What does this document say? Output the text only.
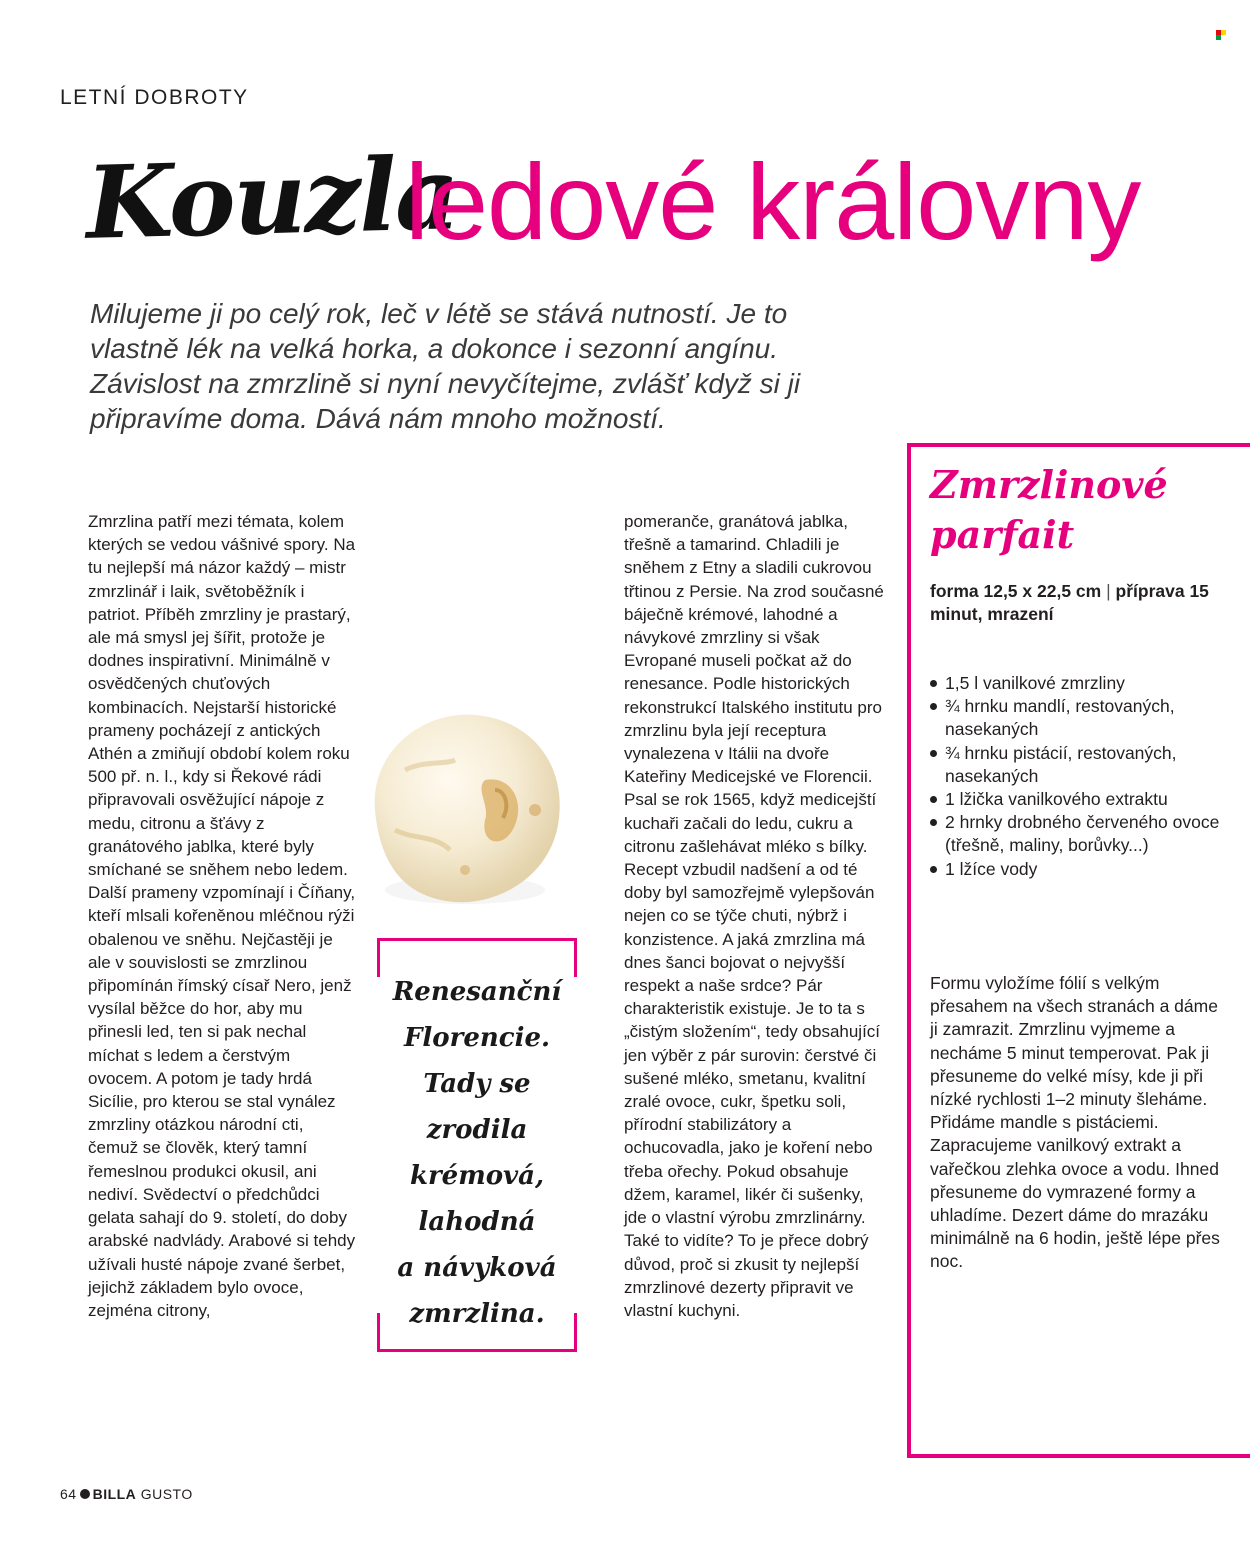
LETNÍ DOBROTY
Kouzla
ledové královny
Milujeme ji po celý rok, leč v létě se stává nutností. Je to vlastně lék na velká horka, a dokonce i sezonní angínu. Závislost na zmrzlině si nyní nevyčítejme, zvlášť když si ji připravíme doma. Dává nám mnoho možností.

Zmrzlina patří mezi témata, kolem kterých se vedou vášnivé spory. Na tu nejlepší má názor každý – mistr zmrzlinář i laik, světoběžník i patriot. Příběh zmrzliny je prastarý, ale má smysl jej šířit, protože je dodnes inspirativní. Minimálně v osvědčených chuťových kombinacích. Nejstarší historické prameny pocházejí z antických Athén a zmiňují období kolem roku 500 př. n. l., kdy si Řekové rádi připravovali osvěžující nápoje z medu, citronu a šťávy z granátového jablka, které byly smíchané se sněhem nebo ledem. Další prameny vzpomínají i Číňany, kteří mlsali kořeněnou mléčnou rýži obalenou ve sněhu. Nejčastěji je ale v souvislosti se zmrzlinou připomínán římský císař Nero, jenž vysílal běžce do hor, aby mu přinesli led, ten si pak nechal míchat s ledem a čerstvým ovocem. A potom je tady hrdá Sicílie, pro kterou se stal vynález zmrzliny otázkou národní cti, čemuž se člověk, který tamní řemeslnou produkci okusil, ani nediví. Svědectví o předchůdci gelata sahají do 9. století, do doby arabské nadvlády. Arabové si tehdy užívali husté nápoje zvané šerbet, jejichž základem bylo ovoce, zejména citrony,

Renesanční
Florencie.
Tady se
zrodila
krémová,
lahodná
a návyková
zmrzlina.

pomeranče, granátová jablka, třešně a tamarind. Chladili je sněhem z Etny a sladili cukrovou třtinou z Persie. Na zrod současné báječně krémové, lahodné a návykové zmrzliny si však Evropané museli počkat až do renesance. Podle historických rekonstrukcí Italského institutu pro zmrzlinu byla její receptura vynalezena v Itálii na dvoře Kateřiny Medicejské ve Florencii. Psal se rok 1565, když medicejští kuchaři začali do ledu, cukru a citronu zašlehávat mléko s bílky. Recept vzbudil nadšení a od té doby byl samozřejmě vylepšován nejen co se týče chuti, nýbrž i konzistence. A jaká zmrzlina má dnes šanci bojovat o nejvyšší respekt a naše srdce? Pár charakteristik existuje. Je to ta s „čistým složením“, tedy obsahující jen výběr z pár surovin: čerstvé či sušené mléko, smetanu, kvalitní zralé ovoce, cukr, špetku soli, přírodní stabilizátory a ochucovadla, jako je koření nebo třeba ořechy. Pokud obsahuje džem, karamel, likér či sušenky, jde o vlastní výrobu zmrzlinárny. Také to vidíte? To je přece dobrý důvod, proč si zkusit ty nejlepší zmrzlinové dezerty připravit ve vlastní kuchyni.

Zmrzlinové
parfait
forma 12,5 x 22,5 cm | příprava 15 minut, mrazení
1,5 l vanilkové zmrzliny
¾ hrnku mandlí, restovaných, nasekaných
¾ hrnku pistácií, restovaných, nasekaných
1 lžička vanilkového extraktu
2 hrnky drobného červeného ovoce (třešně, maliny, borůvky...)
1 lžíce vody
Formu vyložíme fólií s velkým přesahem na všech stranách a dáme ji zamrazit. Zmrzlinu vyjmeme a necháme 5 minut temperovat. Pak ji přesuneme do velké mísy, kde ji při nízké rychlosti 1–2 minuty šleháme. Přidáme mandle s pistáciemi. Zapracujeme vanilkový extrakt a vařečkou zlehka ovoce a vodu. Ihned přesuneme do vymrazené formy a uhladíme. Dezert dáme do mrazáku minimálně na 6 hodin, ještě lépe přes noc.
64 BILLA GUSTO
